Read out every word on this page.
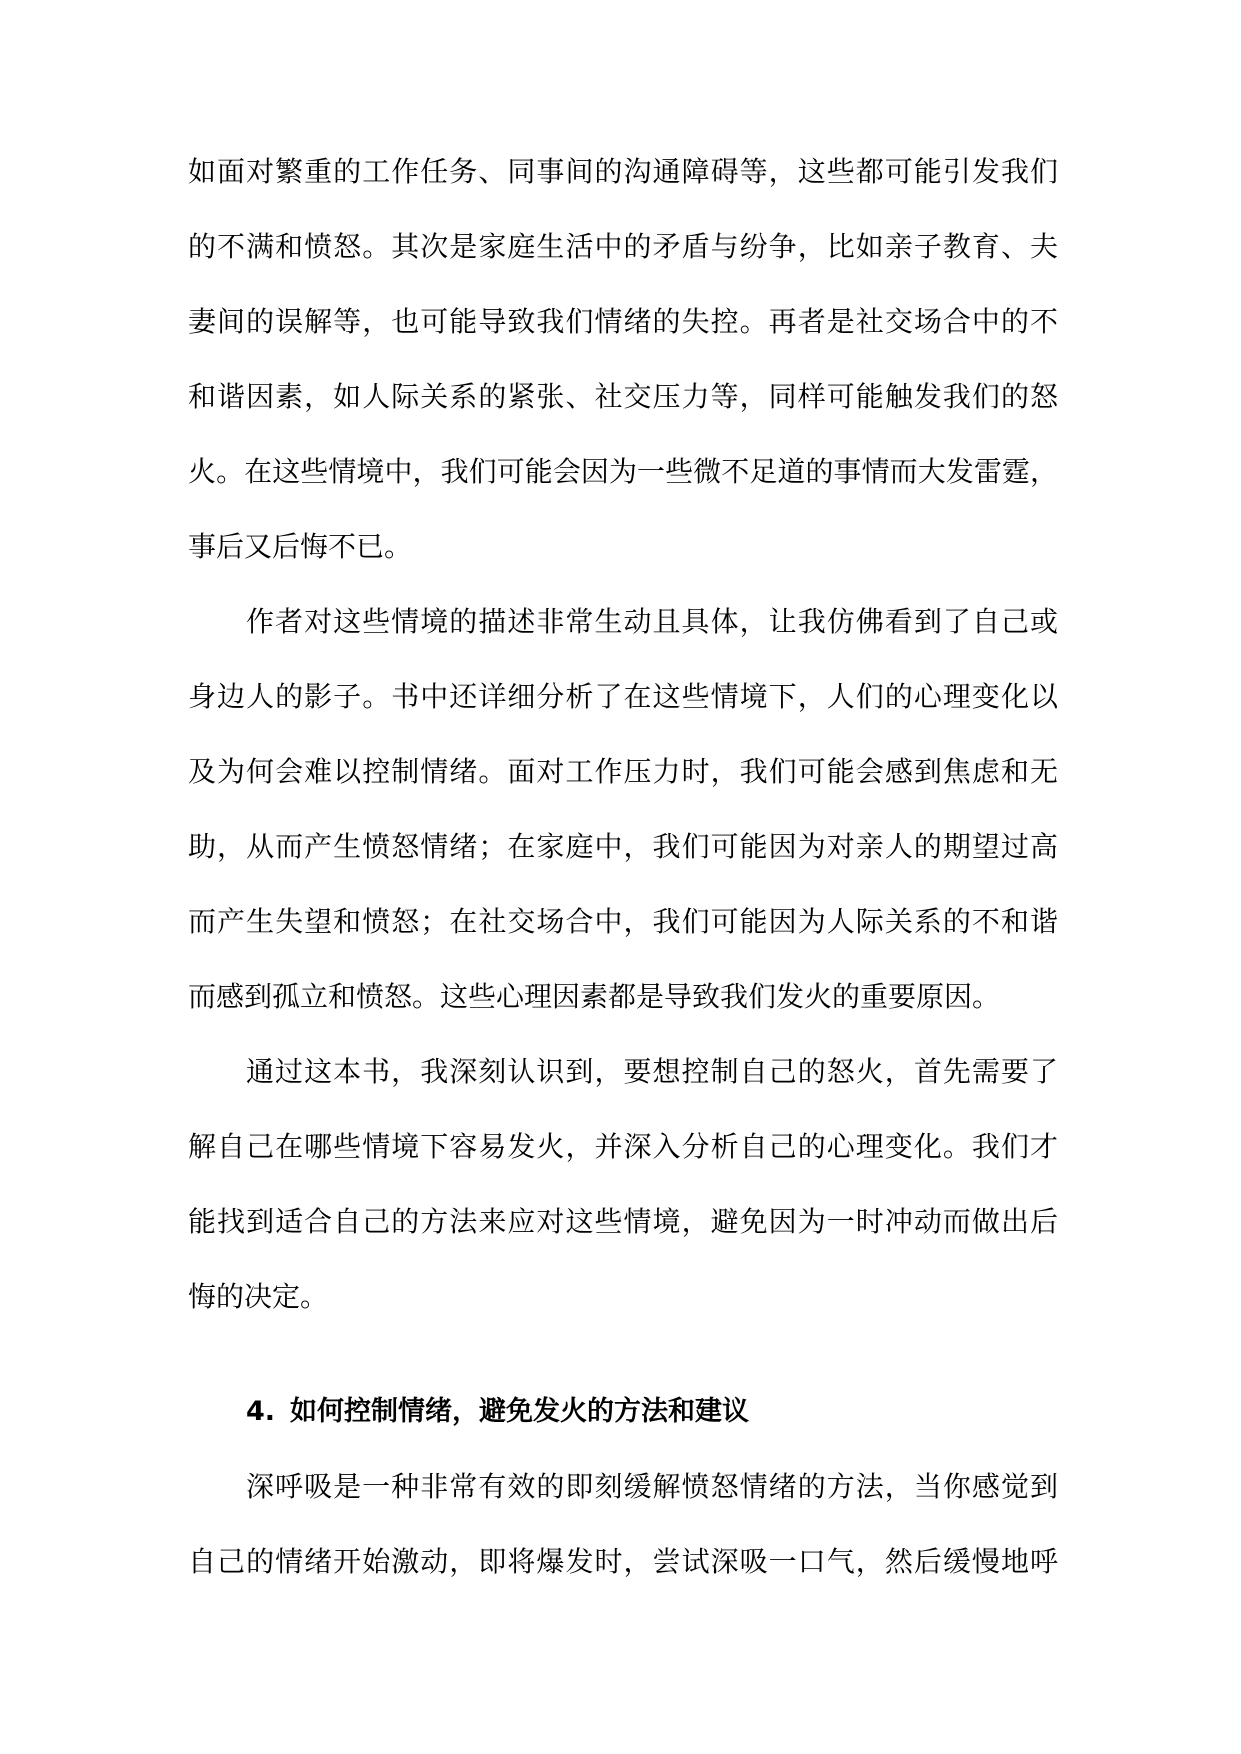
如面对繁重的工作任务、同事间的沟通障碍等，这些都可能引发我们
的不满和愤怒。其次是家庭生活中的矛盾与纷争，比如亲子教育、夫
妻间的误解等，也可能导致我们情绪的失控。再者是社交场合中的不
和谐因素，如人际关系的紧张、社交压力等，同样可能触发我们的怒
火。在这些情境中，我们可能会因为一些微不足道的事情而大发雷霆，
事后又后悔不已。
作者对这些情境的描述非常生动且具体，让我仿佛看到了自己或
身边人的影子。书中还详细分析了在这些情境下，人们的心理变化以
及为何会难以控制情绪。面对工作压力时，我们可能会感到焦虑和无
助，从而产生愤怒情绪；在家庭中，我们可能因为对亲人的期望过高
而产生失望和愤怒；在社交场合中，我们可能因为人际关系的不和谐
而感到孤立和愤怒。这些心理因素都是导致我们发火的重要原因。
通过这本书，我深刻认识到，要想控制自己的怒火，首先需要了
解自己在哪些情境下容易发火，并深入分析自己的心理变化。我们才
能找到适合自己的方法来应对这些情境，避免因为一时冲动而做出后
悔的决定。
深呼吸是一种非常有效的即刻缓解愤怒情绪的方法，当你感觉到
自己的情绪开始激动，即将爆发时，尝试深吸一口气，然后缓慢地呼
4. 如何控制情绪，避免发火的方法和建议
